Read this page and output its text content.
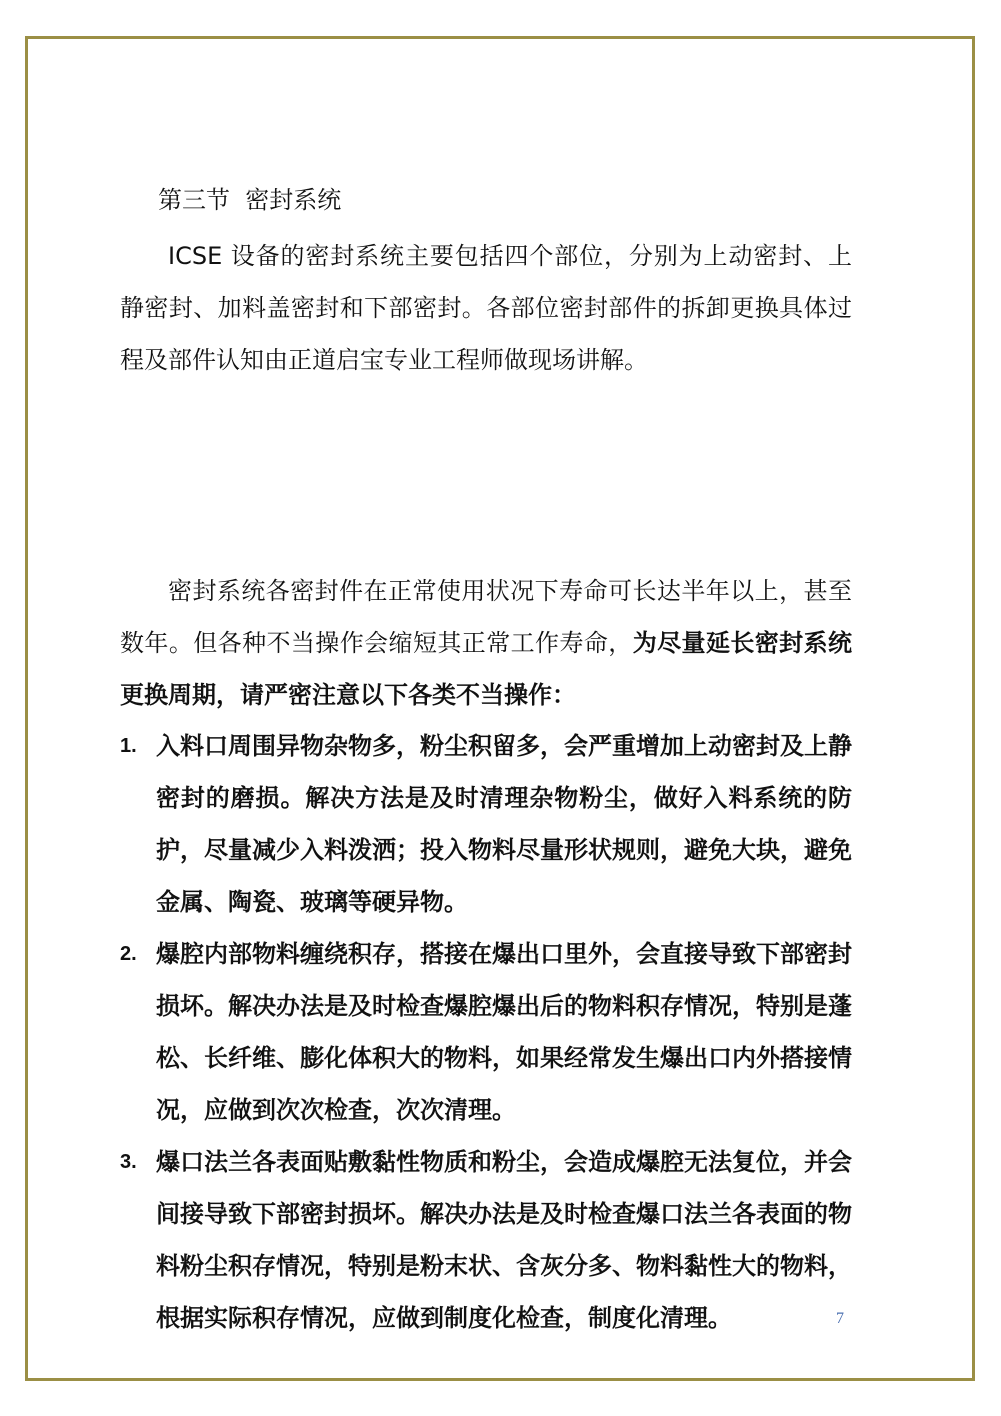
第三节  密封系统

ICSE 设备的密封系统主要包括四个部位，分别为上动密封、上静密封、加料盖密封和下部密封。各部位密封部件的拆卸更换具体过程及部件认知由正道启宝专业工程师做现场讲解。

密封系统各密封件在正常使用状况下寿命可长达半年以上，甚至数年。但各种不当操作会缩短其正常工作寿命，为尽量延长密封系统更换周期，请严密注意以下各类不当操作：

1. 入料口周围异物杂物多，粉尘积留多，会严重增加上动密封及上静密封的磨损。解决方法是及时清理杂物粉尘，做好入料系统的防护，尽量减少入料泼洒；投入物料尽量形状规则，避免大块，避免金属、陶瓷、玻璃等硬异物。
2. 爆腔内部物料缠绕积存，搭接在爆出口里外，会直接导致下部密封损坏。解决办法是及时检查爆腔爆出后的物料积存情况，特别是蓬松、长纤维、膨化体积大的物料，如果经常发生爆出口内外搭接情况，应做到次次检查，次次清理。
3. 爆口法兰各表面贴敷黏性物质和粉尘，会造成爆腔无法复位，并会间接导致下部密封损坏。解决办法是及时检查爆口法兰各表面的物料粉尘积存情况，特别是粉末状、含灰分多、物料黏性大的物料，根据实际积存情况，应做到制度化检查，制度化清理。	7
